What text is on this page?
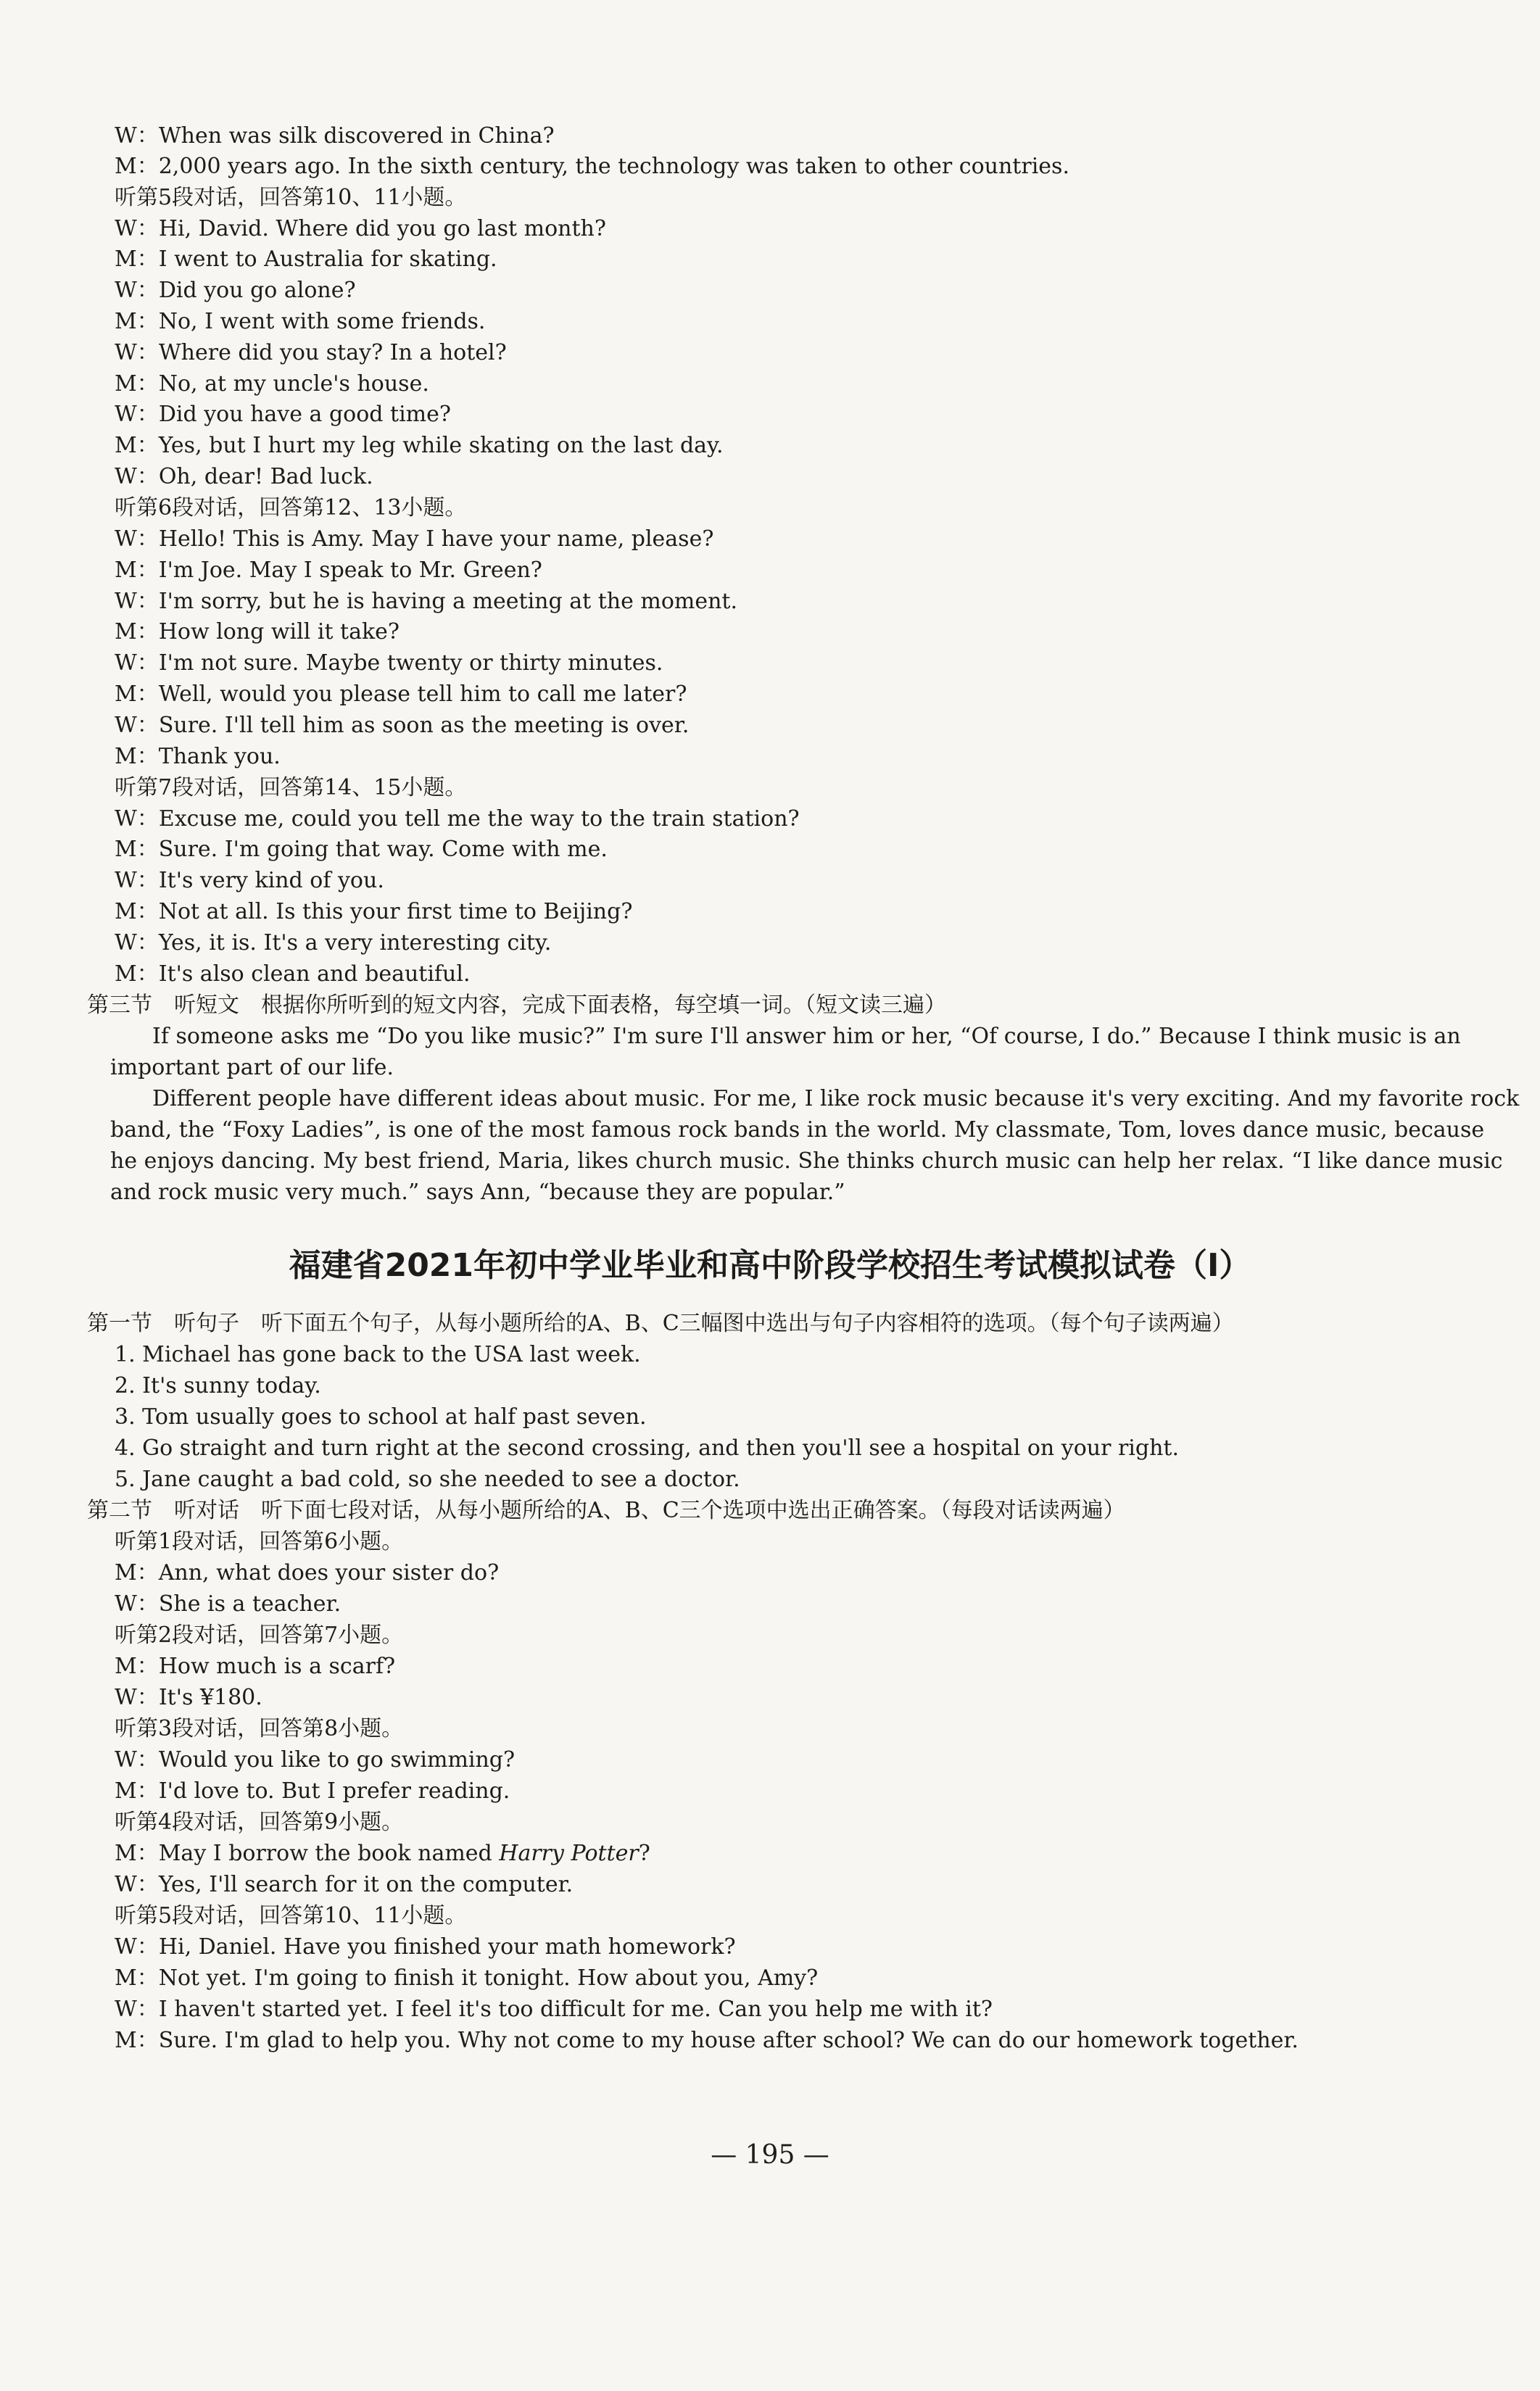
W：When was silk discovered in China?
M：2,000 years ago. In the sixth century, the technology was taken to other countries.
听第5段对话，回答第10、11小题。
W：Hi, David. Where did you go last month?
M：I went to Australia for skating.
W：Did you go alone?
M：No, I went with some friends.
W：Where did you stay? In a hotel?
M：No, at my uncle's house.
W：Did you have a good time?
M：Yes, but I hurt my leg while skating on the last day.
W：Oh, dear! Bad luck.
听第6段对话，回答第12、13小题。
W：Hello! This is Amy. May I have your name, please?
M：I'm Joe. May I speak to Mr. Green?
W：I'm sorry, but he is having a meeting at the moment.
M：How long will it take?
W：I'm not sure. Maybe twenty or thirty minutes.
M：Well, would you please tell him to call me later?
W：Sure. I'll tell him as soon as the meeting is over.
M：Thank you.
听第7段对话，回答第14、15小题。
W：Excuse me, could you tell me the way to the train station?
M：Sure. I'm going that way. Come with me.
W：It's very kind of you.
M：Not at all. Is this your first time to Beijing?
W：Yes, it is. It's a very interesting city.
M：It's also clean and beautiful.
第三节　听短文　根据你所听到的短文内容，完成下面表格，每空填一词。（短文读三遍）
If someone asks me “Do you like music?” I'm sure I'll answer him or her, “Of course, I do.” Because I think music is an
important part of our life.
Different people have different ideas about music. For me, I like rock music because it's very exciting. And my favorite rock
band, the “Foxy Ladies”, is one of the most famous rock bands in the world. My classmate, Tom, loves dance music, because
he enjoys dancing. My best friend, Maria, likes church music. She thinks church music can help her relax. “I like dance music
and rock music very much.” says Ann, “because they are popular.”
福建省2021年初中学业毕业和高中阶段学校招生考试模拟试卷（Ⅰ）
第一节　听句子　听下面五个句子，从每小题所给的A、B、C三幅图中选出与句子内容相符的选项。（每个句子读两遍）
1. Michael has gone back to the USA last week.
2. It's sunny today.
3. Tom usually goes to school at half past seven.
4. Go straight and turn right at the second crossing, and then you'll see a hospital on your right.
5. Jane caught a bad cold, so she needed to see a doctor.
第二节　听对话　听下面七段对话，从每小题所给的A、B、C三个选项中选出正确答案。（每段对话读两遍）
听第1段对话，回答第6小题。
M：Ann, what does your sister do?
W：She is a teacher.
听第2段对话，回答第7小题。
M：How much is a scarf?
W：It's ¥180.
听第3段对话，回答第8小题。
W：Would you like to go swimming?
M：I'd love to. But I prefer reading.
听第4段对话，回答第9小题。
M：May I borrow the book named Harry Potter?
W：Yes, I'll search for it on the computer.
听第5段对话，回答第10、11小题。
W：Hi, Daniel. Have you finished your math homework?
M：Not yet. I'm going to finish it tonight. How about you, Amy?
W：I haven't started yet. I feel it's too difficult for me. Can you help me with it?
M：Sure. I'm glad to help you. Why not come to my house after school? We can do our homework together.
— 195 —
